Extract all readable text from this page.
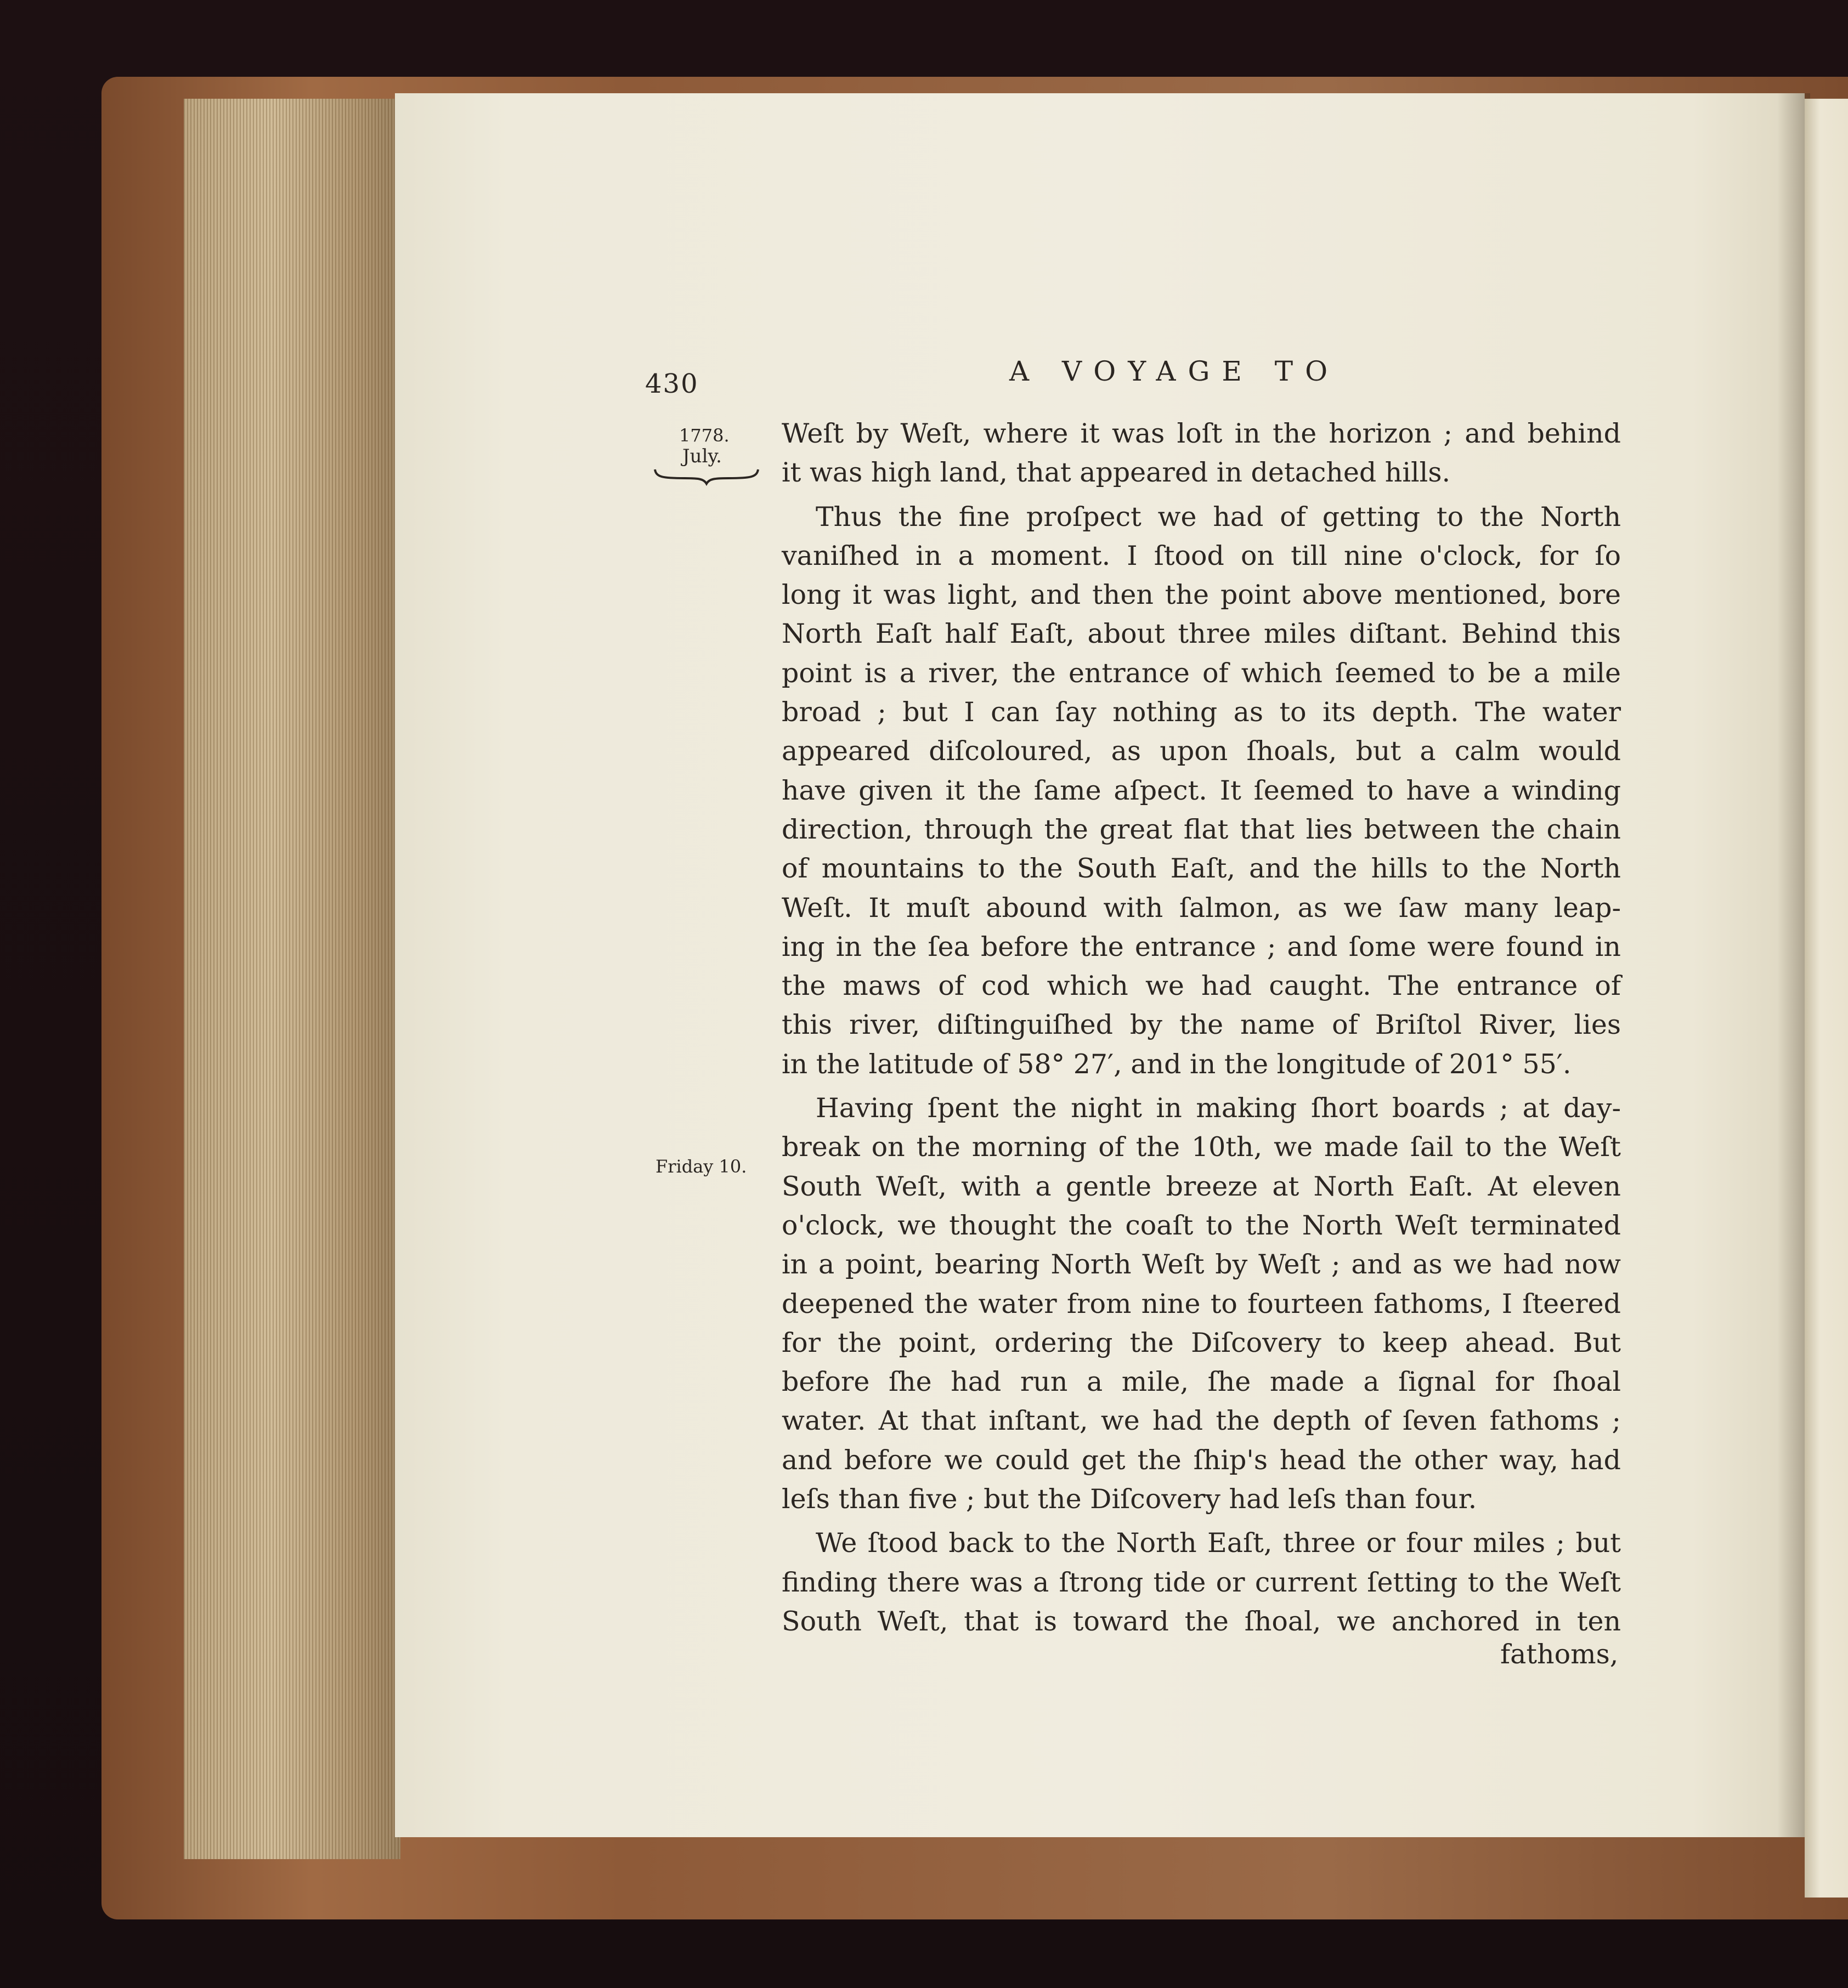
430	A VOYAGE TO
1778.
July.
Friday 10.
Weſt by Weſt, where it was loſt in the horizon ; and behind
it was high land, that appeared in detached hills.
Thus the fine proſpect we had of getting to the North
vaniſhed in a moment. I ſtood on till nine o'clock, for ſo
long it was light, and then the point above mentioned, bore
North Eaſt half Eaſt, about three miles diſtant. Behind this
point is a river, the entrance of which ſeemed to be a mile
broad ; but I can ſay nothing as to its depth. The water
appeared diſcoloured, as upon ſhoals, but a calm would
have given it the ſame aſpect. It ſeemed to have a winding
direction, through the great flat that lies between the chain
of mountains to the South Eaſt, and the hills to the North
Weſt. It muſt abound with ſalmon, as we ſaw many leap-
ing in the ſea before the entrance ; and ſome were found in
the maws of cod which we had caught. The entrance of
this river, diſtinguiſhed by the name of Briſtol River, lies
in the latitude of 58° 27′, and in the longitude of 201° 55′.
Having ſpent the night in making ſhort boards ; at day-
break on the morning of the 10th, we made ſail to the Weſt
South Weſt, with a gentle breeze at North Eaſt. At eleven
o'clock, we thought the coaſt to the North Weſt terminated
in a point, bearing North Weſt by Weſt ; and as we had now
deepened the water from nine to fourteen fathoms, I ſteered
for the point, ordering the Diſcovery to keep ahead. But
before ſhe had run a mile, ſhe made a ſignal for ſhoal
water. At that inſtant, we had the depth of ſeven fathoms ;
and before we could get the ſhip's head the other way, had
leſs than five ; but the Diſcovery had leſs than four.
We ſtood back to the North Eaſt, three or four miles ; but
finding there was a ſtrong tide or current ſetting to the Weſt
South Weſt, that is toward the ſhoal, we anchored in ten
fathoms,
